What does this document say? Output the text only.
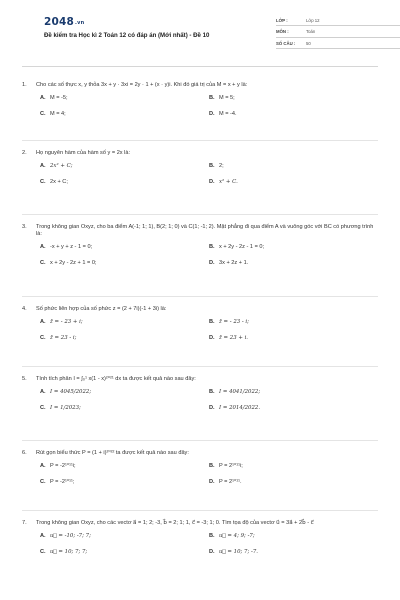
$2048^{.vn}$
Đề kiểm tra Học kì 2 Toán 12 có đáp án (Mới nhất) - Đề 10
LỚP :	Lớp 12
MÔN :	Toán
SỐ CÂU :	50
1.	Cho các số thực x, y thỏa 3x + y · 3xi = 2y · 1 + (x · y)i. Khi đó giá trị của M = x + y là:
A. M = -5;	B. M = 5;
C. M = 4;	D. M = -4.
2.	Họ nguyên hàm của hàm số y = 2x là:
A. 2x² + C;	B. 2;
C. 2x + C;	D. x² + C.
3.	Trong không gian Oxyz, cho ba điểm A(-1; 1; 1), B(2; 1; 0) và C(1; -1; 2). Mặt phẳng đi qua điểm A và vuông góc với BC có phương trình là:
A. -x + y + z - 1 = 0;	B. x + 2y - 2z - 1 = 0;
C. x + 2y - 2z + 1 = 0;	D. 3x + 2z + 1.
4.	Số phức liên hợp của số phức z = (2 + 7i)(-1 + 3i) là:
A. z̄ = - 23 + i;	B. z̄ = - 23 - i;
C. z̄ = 23 - i;	D. z̄ = 23 + i.
5.	Tính tích phân I = ∫₀¹ x(1 - x)²⁰²¹ dx ta được kết quả nào sau đây:
A. I = 4045/2022;	B. I = 4041/2022;
C. I = 1/2023;	D. I = 2014/2022.
6.	Rút gọn biểu thức P = (1 + i)²⁰²² ta được kết quả nào sau đây:
A. P = -2¹⁰¹¹i;	B. P = 2¹⁰¹¹i;
C. P = -2¹⁰¹¹;	D. P = 2¹⁰¹¹.
7.	Trong không gian Oxyz, cho các vectơ a⃗ = 1; 2; -3, b⃗ = 2; 1; 1, c⃗ = -3; 1; 0. Tìm tọa độ của vectơ u⃗ = 3a⃗ + 2b⃗ - c⃗
A. u⃗ = -10; -7; 7;	B. u⃗ = 4; 9; -7;
C. u⃗ = 10; 7; 7;	D. u⃗ = 10; 7; -7.
